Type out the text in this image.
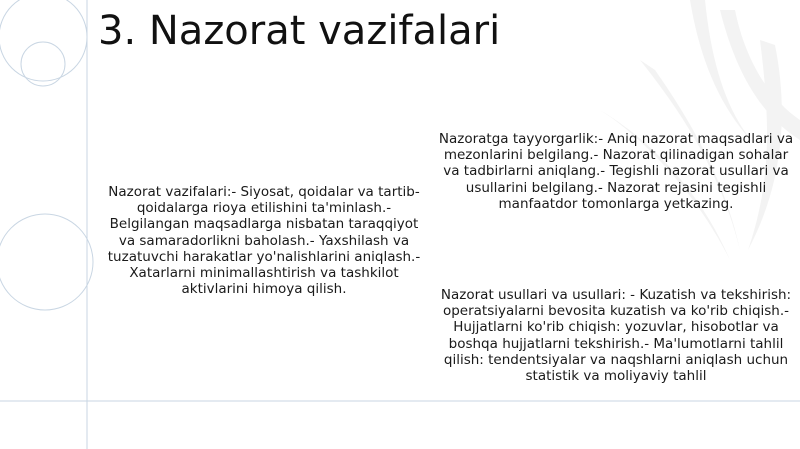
3. Nazorat vazifalari

Nazorat vazifalari:- Siyosat, qoidalar va tartib-qoidalarga rioya etilishini ta'minlash.- Belgilangan maqsadlarga nisbatan taraqqiyot va samaradorlikni baholash.- Yaxshilash va tuzatuvchi harakatlar yo'nalishlarini aniqlash.- Xatarlarni minimallashtirish va tashkilot aktivlarini himoya qilish.

Nazoratga tayyorgarlik:- Aniq nazorat maqsadlari va mezonlarini belgilang.- Nazorat qilinadigan sohalar va tadbirlarni aniqlang.- Tegishli nazorat usullari va usullarini belgilang.- Nazorat rejasini tegishli manfaatdor tomonlarga yetkazing.

Nazorat usullari va usullari: - Kuzatish va tekshirish: operatsiyalarni bevosita kuzatish va ko'rib chiqish.- Hujjatlarni ko'rib chiqish: yozuvlar, hisobotlar va boshqa hujjatlarni tekshirish.- Ma'lumotlarni tahlil qilish: tendentsiyalar va naqshlarni aniqlash uchun statistik va moliyaviy tahlil
